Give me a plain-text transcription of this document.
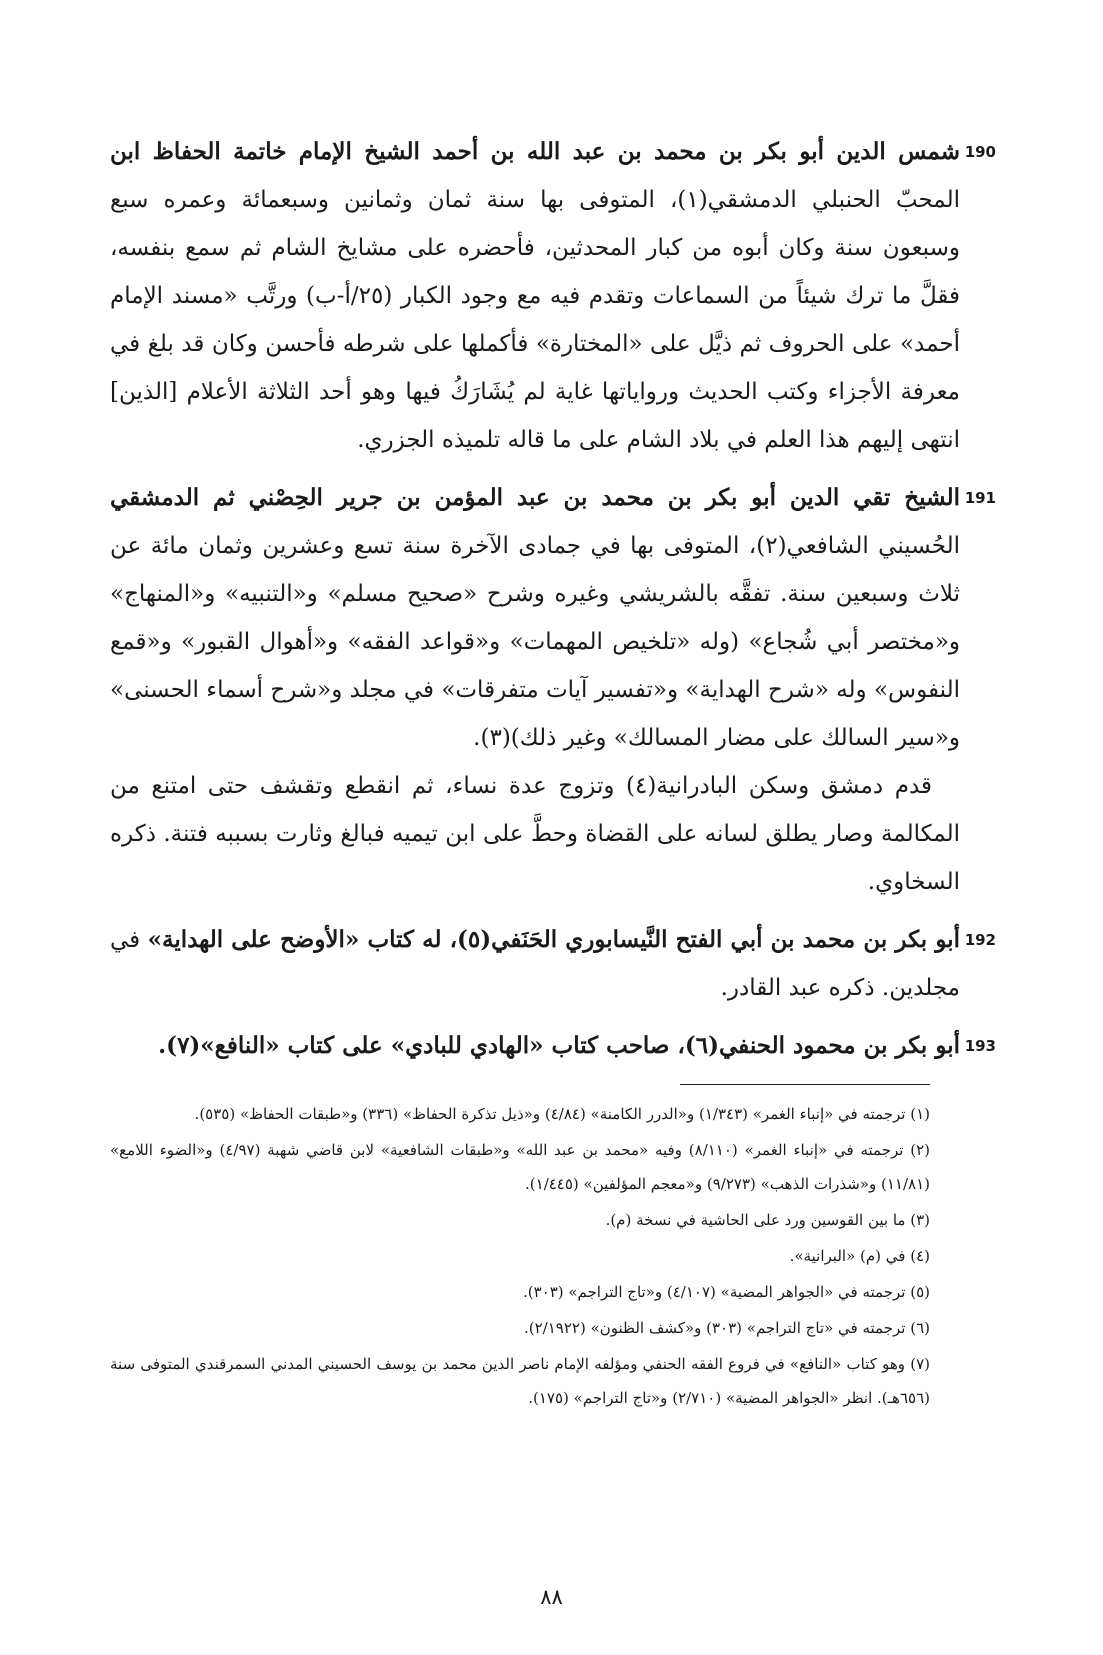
190

شمس الدين أبو بكر بن محمد بن عبد الله بن أحمد الشيخ الإمام خاتمة الحفاظ ابن المحبّ الحنبلي الدمشقي(١)، المتوفى بها سنة ثمان وثمانين وسبعمائة وعمره سبع وسبعون سنة وكان أبوه من كبار المحدثين، فأحضره على مشايخ الشام ثم سمع بنفسه، فقلَّ ما ترك شيئاً من السماعات وتقدم فيه مع وجود الكبار (٢٥/أ-ب) ورتَّب «مسند الإمام أحمد» على الحروف ثم ذيَّل على «المختارة» فأكملها على شرطه فأحسن وكان قد بلغ في معرفة الأجزاء وكتب الحديث ورواياتها غاية لم يُشَارَكُ فيها وهو أحد الثلاثة الأعلام [الذين] انتهى إليهم هذا العلم في بلاد الشام على ما قاله تلميذه الجزري.

191

الشيخ تقي الدين أبو بكر بن محمد بن عبد المؤمن بن جرير الحِصْني ثم الدمشقي الحُسيني الشافعي(٢)، المتوفى بها في جمادى الآخرة سنة تسع وعشرين وثمان مائة عن ثلاث وسبعين سنة. تفقَّه بالشريشي وغيره وشرح «صحيح مسلم» و«التنبيه» و«المنهاج» و«مختصر أبي شُجاع» (وله «تلخيص المهمات» و«قواعد الفقه» و«أهوال القبور» و«قمع النفوس» وله «شرح الهداية» و«تفسير آيات متفرقات» في مجلد و«شرح أسماء الحسنى» و«سير السالك على مضار المسالك» وغير ذلك)(٣).

قدم دمشق وسكن البادرانية(٤) وتزوج عدة نساء، ثم انقطع وتقشف حتى امتنع من المكالمة وصار يطلق لسانه على القضاة وحطَّ على ابن تيميه فبالغ وثارت بسببه فتنة. ذكره السخاوي.

192

أبو بكر بن محمد بن أبي الفتح النَّيسابوري الحَنَفي(٥)، له كتاب «الأوضح على الهداية» في مجلدين. ذكره عبد القادر.

193

أبو بكر بن محمود الحنفي(٦)، صاحب كتاب «الهادي للبادي» على كتاب «النافع»(٧).

(١) ترجمته في «إنباء الغمر» (١/٣٤٣) و«الدرر الكامنة» (٤/٨٤) و«ذيل تذكرة الحفاظ» (٣٣٦) و«طبقات الحفاظ» (٥٣٥).

(٢) ترجمته في «إنباء الغمر» (٨/١١٠) وفيه «محمد بن عبد الله» و«طبقات الشافعية» لابن قاضي شهبة (٤/٩٧) و«الضوء اللامع» (١١/٨١) و«شذرات الذهب» (٩/٢٧٣) و«معجم المؤلفين» (١/٤٤٥).

(٣) ما بين القوسين ورد على الحاشية في نسخة (م).

(٤) في (م) «البرانية».

(٥) ترجمته في «الجواهر المضية» (٤/١٠٧) و«تاج التراجم» (٣٠٣).

(٦) ترجمته في «تاج التراجم» (٣٠٣) و«كشف الظنون» (٢/١٩٢٢).

(٧) وهو كتاب «النافع» في فروع الفقه الحنفي ومؤلفه الإمام ناصر الدين محمد بن يوسف الحسيني المدني السمرقندي المتوفى سنة (٦٥٦هـ). انظر «الجواهر المضية» (٢/٧١٠) و«تاج التراجم» (١٧٥).

٨٨
